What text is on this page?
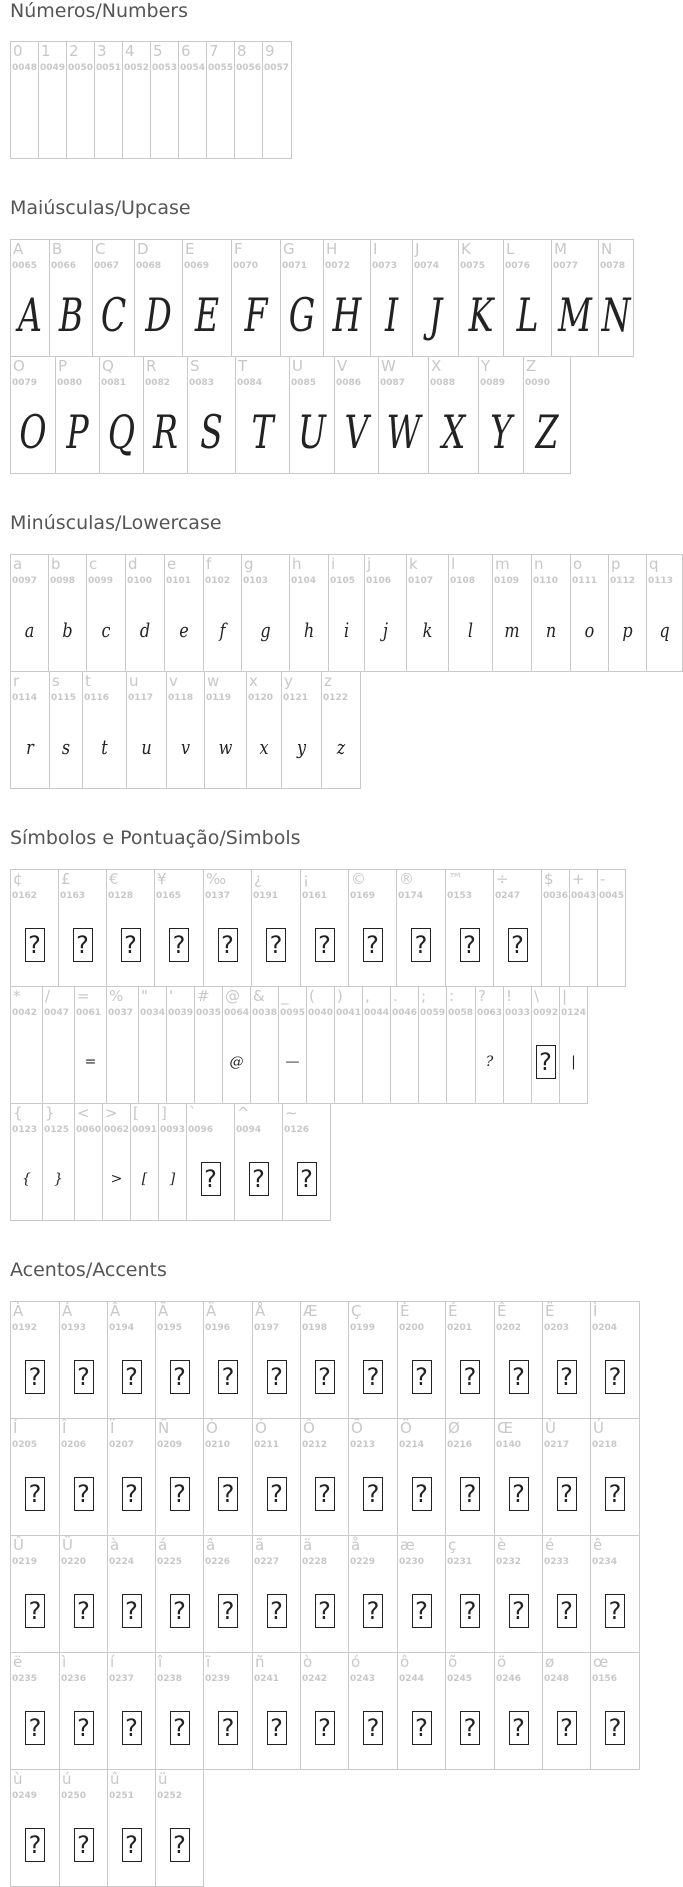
Números/Numbers
0
0048
1
0049
2
0050
3
0051
4
0052
5
0053
6
0054
7
0055
8
0056
9
0057
Maiúsculas/Upcase
A
0065
A
B
0066
B
C
0067
C
D
0068
D
E
0069
E
F
0070
F
G
0071
G
H
0072
H
I
0073
I
J
0074
J
K
0075
K
L
0076
L
M
0077
M
N
0078
N
O
0079
O
P
0080
P
Q
0081
Q
R
0082
R
S
0083
S
T
0084
T
U
0085
U
V
0086
V
W
0087
W
X
0088
X
Y
0089
Y
Z
0090
Z
Minúsculas/Lowercase
a
0097
a
b
0098
b
c
0099
c
d
0100
d
e
0101
e
f
0102
f
g
0103
g
h
0104
h
i
0105
i
j
0106
j
k
0107
k
l
0108
l
m
0109
m
n
0110
n
o
0111
o
p
0112
p
q
0113
q
r
0114
r
s
0115
s
t
0116
t
u
0117
u
v
0118
v
w
0119
w
x
0120
x
y
0121
y
z
0122
z
Símbolos e Pontuação/Simbols
¢
0162
?
£
0163
?
€
0128
?
¥
0165
?
‰
0137
?
¿
0191
?
¡
0161
?
©
0169
?
®
0174
?
™
0153
?
÷
0247
?
$
0036
+
0043
-
0045
*
0042
/
0047
=
0061
=
%
0037
"
0034
'
0039
#
0035
@
0064
@
&
0038
_
0095
—
(
0040
)
0041
,
0044
.
0046
;
0059
:
0058
?
0063
?
!
0033
\
0092
?
|
0124
|
{
0123
{
}
0125
}
<
0060
>
0062
>
[
0091
[
]
0093
]
`
0096
?
^
0094
?
~
0126
?
Acentos/Accents
À
0192
?
Á
0193
?
Â
0194
?
Ã
0195
?
Ä
0196
?
Å
0197
?
Æ
0198
?
Ç
0199
?
È
0200
?
É
0201
?
Ê
0202
?
Ë
0203
?
Ì
0204
?
Í
0205
?
Î
0206
?
Ï
0207
?
Ñ
0209
?
Ò
0210
?
Ó
0211
?
Ô
0212
?
Õ
0213
?
Ö
0214
?
Ø
0216
?
Œ
0140
?
Ù
0217
?
Ú
0218
?
Û
0219
?
Ü
0220
?
à
0224
?
á
0225
?
â
0226
?
ã
0227
?
ä
0228
?
å
0229
?
æ
0230
?
ç
0231
?
è
0232
?
é
0233
?
ê
0234
?
ë
0235
?
ì
0236
?
í
0237
?
î
0238
?
ï
0239
?
ñ
0241
?
ò
0242
?
ó
0243
?
ô
0244
?
õ
0245
?
ö
0246
?
ø
0248
?
œ
0156
?
ù
0249
?
ú
0250
?
û
0251
?
ü
0252
?
